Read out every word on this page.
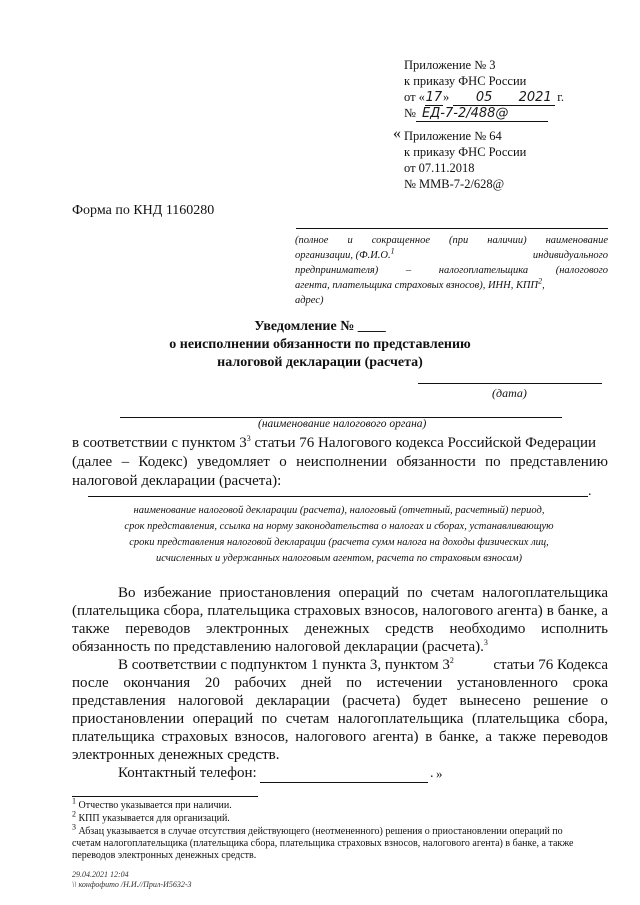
Приложение № 3
к приказу ФНС России
от «17» 05 2021 г.
№ ЕД-7-2/488@
« Приложение № 64
к приказу ФНС России
от 07.11.2018
№ ММВ-7-2/628@
Форма по КНД 1160280
(полное и сокращенное (при наличии) наименование
организации, (Ф.И.О.$^1$	индивидуального
предпринимателя) – налогоплательщика (налогового
агента, плательщика страховых взносов), ИНН, КПП$^2$,
адрес)
Уведомление № ____
о неисполнении обязанности по представлению
налоговой декларации (расчета)
(дата)
(наименование налогового органа)
в соответствии с пунктом $3^3$ статьи 76 Налогового кодекса Российской Федерации
(далее – Кодекс) уведомляет о неисполнении обязанности по представлению
налоговой декларации (расчета):
.
наименование налоговой декларации (расчета), налоговый (отчетный, расчетный) период,
срок представления, ссылка на норму законодательства о налогах и сборах, устанавливающую
сроки представления налоговой декларации (расчета сумм налога на доходы физических лиц,
исчисленных и удержанных налоговым агентом, расчета по страховым взносам)
Во избежание приостановления операций по счетам налогоплательщика
(плательщика сбора, плательщика страховых взносов, налогового агента) в банке, а
также переводов электронных денежных средств необходимо исполнить
обязанность по представлению налоговой декларации (расчета).$^3$
В соответствии с подпунктом 1 пункта 3, пунктом $3^2$	статьи 76 Кодекса
после окончания 20 рабочих дней по истечении установленного срока
представления налоговой декларации (расчета) будет вынесено решение о
приостановлении операций по счетам налогоплательщика (плательщика сбора,
плательщика страховых взносов, налогового агента) в банке, а также переводов
электронных денежных средств.
Контактный телефон:	. »
$^1$ Отчество указывается при наличии.
$^2$ КПП указывается для организаций.
$^3$ Абзац указывается в случае отсутствия действующего (неотмененного) решения о приостановлении операций по
счетам налогоплательщика (плательщика сбора, плательщика страховых взносов, налогового агента) в банке, а также
переводов электронных денежных средств.
29.04.2021 12:04
\\ конфофито /Н.И.//Прил-И5632-3
